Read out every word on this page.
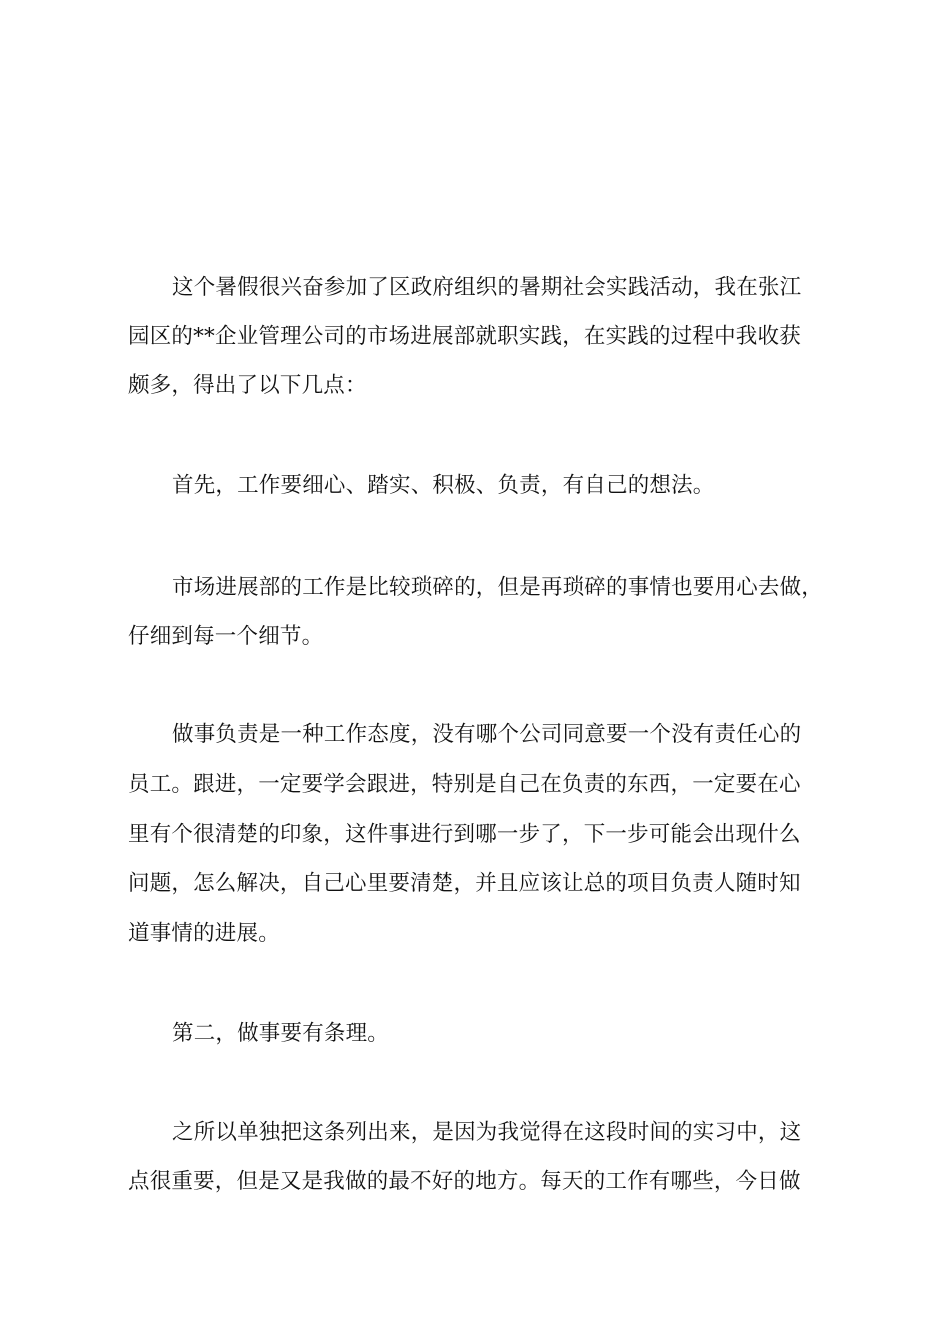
这个暑假很兴奋参加了区政府组织的暑期社会实践活动，我在张江
园区的**企业管理公司的市场进展部就职实践，在实践的过程中我收获
颇多，得出了以下几点：
首先，工作要细心、踏实、积极、负责，有自己的想法。
市场进展部的工作是比较琐碎的，但是再琐碎的事情也要用心去做，
仔细到每一个细节。
做事负责是一种工作态度，没有哪个公司同意要一个没有责任心的
员工。跟进，一定要学会跟进，特别是自己在负责的东西，一定要在心
里有个很清楚的印象，这件事进行到哪一步了，下一步可能会出现什么
问题，怎么解决，自己心里要清楚，并且应该让总的项目负责人随时知
道事情的进展。
第二，做事要有条理。
之所以单独把这条列出来，是因为我觉得在这段时间的实习中，这
点很重要，但是又是我做的最不好的地方。每天的工作有哪些，今日做
